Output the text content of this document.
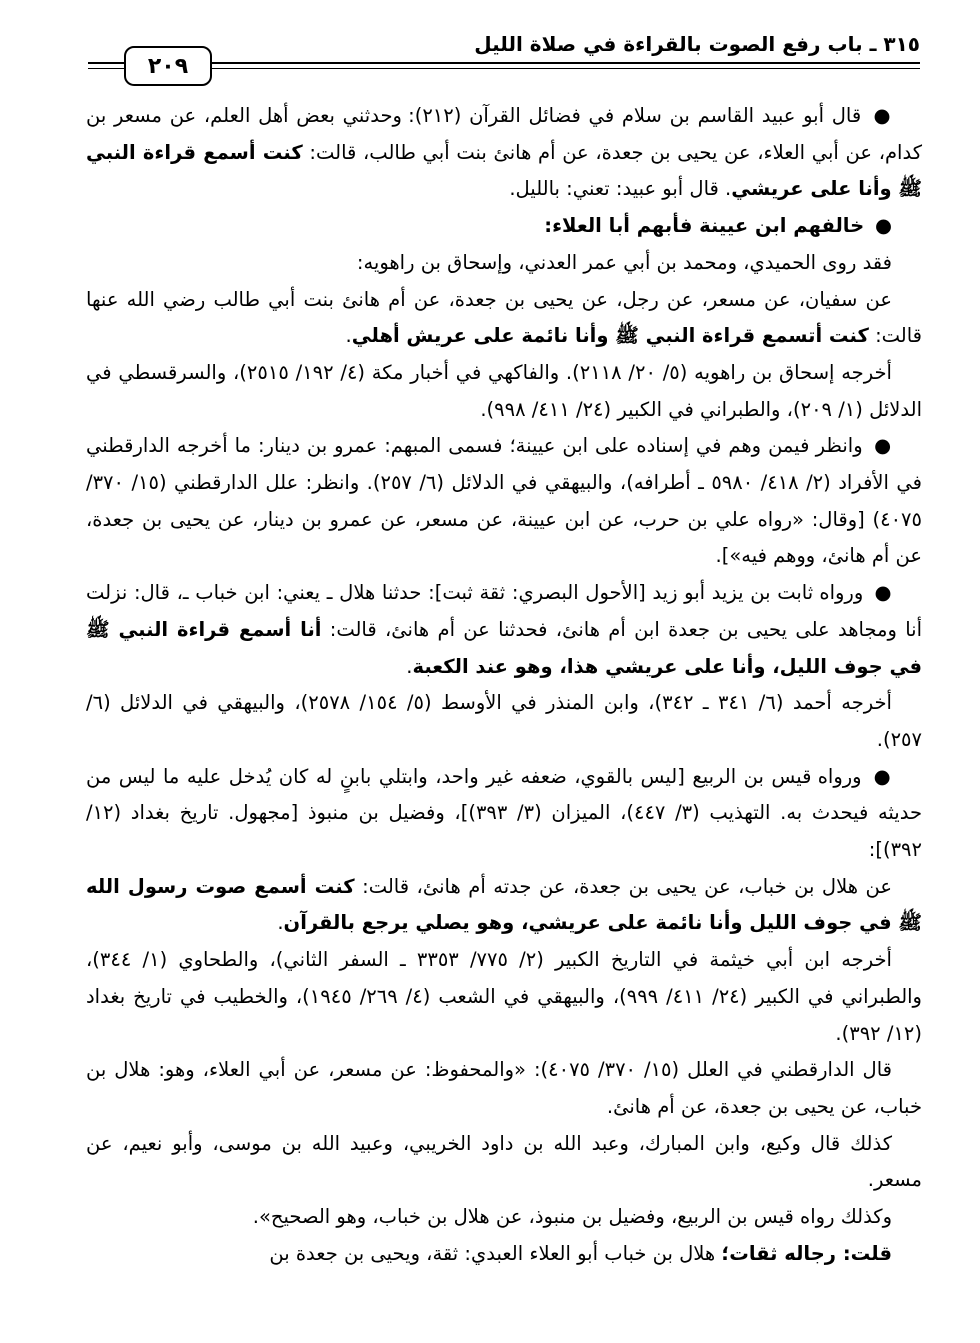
٣١٥ ـ باب رفع الصوت بالقراءة في صلاة الليل
٢٠٩

● قال أبو عبيد القاسم بن سلام في فضائل القرآن (٢١٢): وحدثني بعض أهل العلم، عن مسعر بن كدام، عن أبي العلاء، عن يحيى بن جعدة، عن أم هانئ بنت أبي طالب، قالت: كنت أسمع قراءة النبي ﷺ وأنا على عريشي. قال أبو عبيد: تعني: بالليل.

● خالفهم ابن عيينة فأبهم أبا العلاء:

فقد روى الحميدي، ومحمد بن أبي عمر العدني، وإسحاق بن راهويه:

عن سفيان، عن مسعر، عن رجل، عن يحيى بن جعدة، عن أم هانئ بنت أبي طالب رضي الله عنها قالت: كنت أتسمع قراءة النبي ﷺ وأنا نائمة على عريش أهلي.

أخرجه إسحاق بن راهويه (٥/ ٢٠/ ٢١١٨). والفاكهي في أخبار مكة (٤/ ١٩٢/ ٢٥١٥)، والسرقسطي في الدلائل (١/ ٢٠٩)، والطبراني في الكبير (٢٤/ ٤١١/ ٩٩٨).

● وانظر فيمن وهم في إسناده على ابن عيينة؛ فسمى المبهم: عمرو بن دينار: ما أخرجه الدارقطني في الأفراد (٢/ ٤١٨/ ٥٩٨٠ ـ أطرافه)، والبيهقي في الدلائل (٦/ ٢٥٧). وانظر: علل الدارقطني (١٥/ ٣٧٠/ ٤٠٧٥) [وقال: «رواه علي بن حرب، عن ابن عيينة، عن مسعر، عن عمرو بن دينار، عن يحيى بن جعدة، عن أم هانئ، ووهم فيه»].

● ورواه ثابت بن يزيد أبو زيد [الأحول البصري: ثقة ثبت]: حدثنا هلال ـ يعني: ابن خباب ـ، قال: نزلت أنا ومجاهد على يحيى بن جعدة ابن أم هانئ، فحدثنا عن أم هانئ، قالت: أنا أسمع قراءة النبي ﷺ في جوف الليل، وأنا على عريشي هذا، وهو عند الكعبة.

أخرجه أحمد (٦/ ٣٤١ ـ ٣٤٢)، وابن المنذر في الأوسط (٥/ ١٥٤/ ٢٥٧٨)، والبيهقي في الدلائل (٦/ ٢٥٧).

● ورواه قيس بن الربيع [ليس بالقوي، ضعفه غير واحد، وابتلي بابنٍ له كان يُدخل عليه ما ليس من حديثه فيحدث به. التهذيب (٣/ ٤٤٧)، الميزان (٣/ ٣٩٣)]، وفضيل بن منبوذ [مجهول. تاريخ بغداد (١٢/ ٣٩٢)]:

عن هلال بن خباب، عن يحيى بن جعدة، عن جدته أم هانئ، قالت: كنت أسمع صوت رسول الله ﷺ في جوف الليل وأنا نائمة على عريشي، وهو يصلي يرجع بالقرآن.

أخرجه ابن أبي خيثمة في التاريخ الكبير (٢/ ٧٧٥/ ٣٣٥٣ ـ السفر الثاني)، والطحاوي (١/ ٣٤٤)، والطبراني في الكبير (٢٤/ ٤١١/ ٩٩٩)، والبيهقي في الشعب (٤/ ٢٦٩/ ١٩٤٥)، والخطيب في تاريخ بغداد (١٢/ ٣٩٢).

قال الدارقطني في العلل (١٥/ ٣٧٠/ ٤٠٧٥): «والمحفوظ: عن مسعر، عن أبي العلاء، وهو: هلال بن خباب، عن يحيى بن جعدة، عن أم هانئ.

كذلك قال وكيع، وابن المبارك، وعبد الله بن داود الخريبي، وعبيد الله بن موسى، وأبو نعيم، عن مسعر.

وكذلك رواه قيس بن الربيع، وفضيل بن منبوذ، عن هلال بن خباب، وهو الصحيح».

قلت: رجاله ثقات؛ هلال بن خباب أبو العلاء العبدي: ثقة، ويحيى بن جعدة بن
